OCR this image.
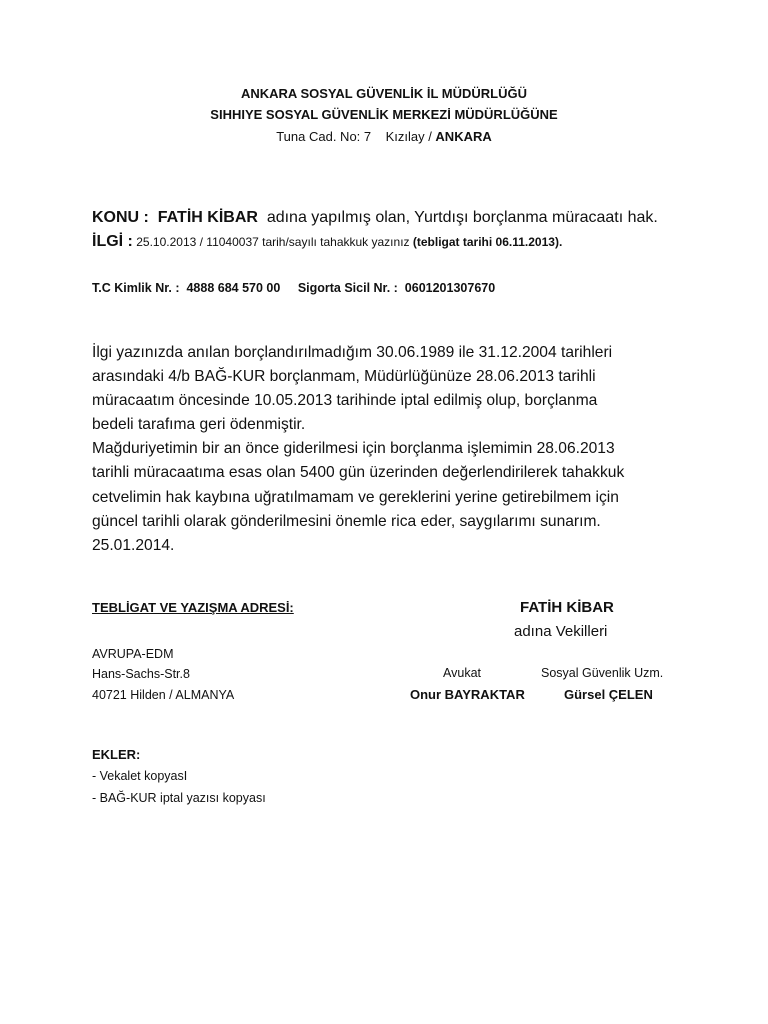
ANKARA SOSYAL GÜVENLİK İL MÜDÜRLÜĞÜ
SIHHIYE SOSYAL GÜVENLİK MERKEZİ MÜDÜRLÜĞÜNE
Tuna Cad. No: 7    Kızılay / ANKARA
KONU : FATİH KİBAR adına yapılmış olan, Yurtdışı borçlanma müracaatı hak.
İLGİ : 25.10.2013 / 11040037 tarih/sayılı tahakkuk yazınız (tebligat tarihi 06.11.2013).
T.C Kimlik Nr. : 4888 684 570 00 Sigorta Sicil Nr. : 0601201307670
İlgi yazınızda anılan borçlandırılmadığım 30.06.1989 ile 31.12.2004 tarihleri
arasındaki 4/b BAĞ-KUR borçlanmam, Müdürlüğünüze 28.06.2013 tarihli
müracaatım öncesinde 10.05.2013 tarihinde iptal edilmiş olup, borçlanma
bedeli tarafıma geri ödenmiştir.
Mağduriyetimin bir an önce giderilmesi için borçlanma işlemimin 28.06.2013
tarihli müracaatıma esas olan 5400 gün üzerinden değerlendirilerek tahakkuk
cetvelimin hak kaybına uğratılmamam ve gereklerini yerine getirebilmem için
güncel tarihli olarak gönderilmesini önemle rica eder, saygılarımı sunarım.
25.01.2014.
TEBLİGAT VE YAZIŞMA ADRESİ:
AVRUPA-EDM
Hans-Sachs-Str.8
40721 Hilden / ALMANYA
FATİH KİBAR
adına Vekilleri
Avukat	Sosyal Güvenlik Uzm.
Onur BAYRAKTAR	Gürsel ÇELEN
EKLER:
- Vekalet kopyasI
- BAĞ-KUR iptal yazısı kopyası
